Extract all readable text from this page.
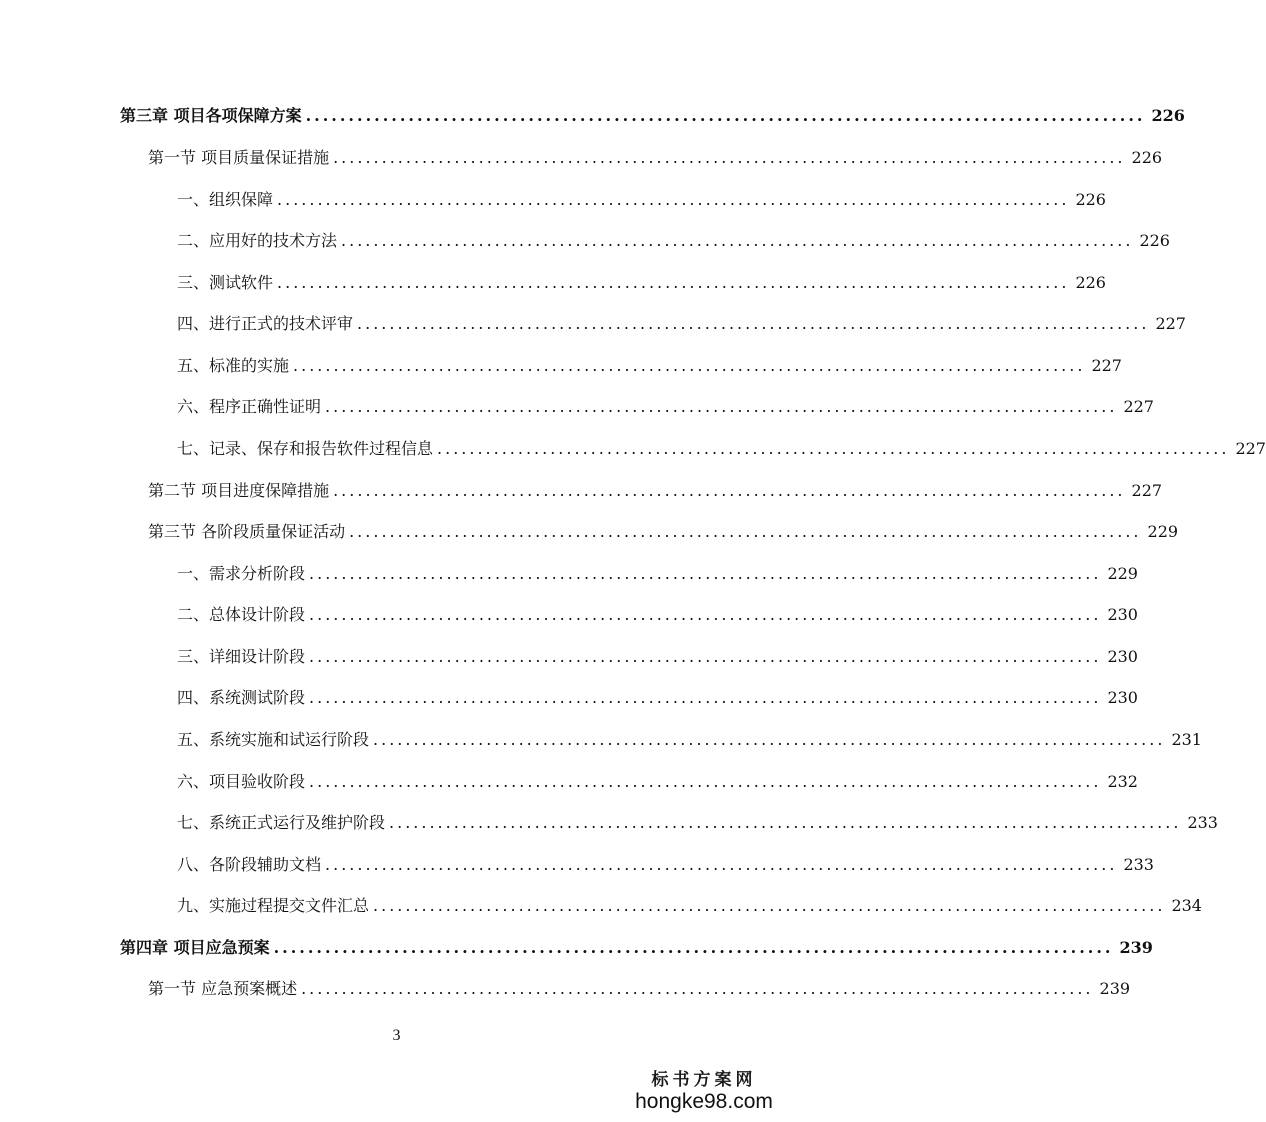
第三章 项目各项保障方案 .................................................................................................. 226
第一节 项目质量保证措施 .................................................................................................. 226
一、组织保障 .................................................................................................. 226
二、应用好的技术方法 .................................................................................................. 226
三、测试软件 .................................................................................................. 226
四、进行正式的技术评审 .................................................................................................. 227
五、标准的实施 .................................................................................................. 227
六、程序正确性证明 .................................................................................................. 227
七、记录、保存和报告软件过程信息 .................................................................................................. 227
第二节 项目进度保障措施 .................................................................................................. 227
第三节 各阶段质量保证活动 .................................................................................................. 229
一、需求分析阶段 .................................................................................................. 229
二、总体设计阶段 .................................................................................................. 230
三、详细设计阶段 .................................................................................................. 230
四、系统测试阶段 .................................................................................................. 230
五、系统实施和试运行阶段 .................................................................................................. 231
六、项目验收阶段 .................................................................................................. 232
七、系统正式运行及维护阶段 .................................................................................................. 233
八、各阶段辅助文档 .................................................................................................. 233
九、实施过程提交文件汇总 .................................................................................................. 234
第四章 项目应急预案 .................................................................................................. 239
第一节 应急预案概述 .................................................................................................. 239
3
标书方案网
hongke98.com
